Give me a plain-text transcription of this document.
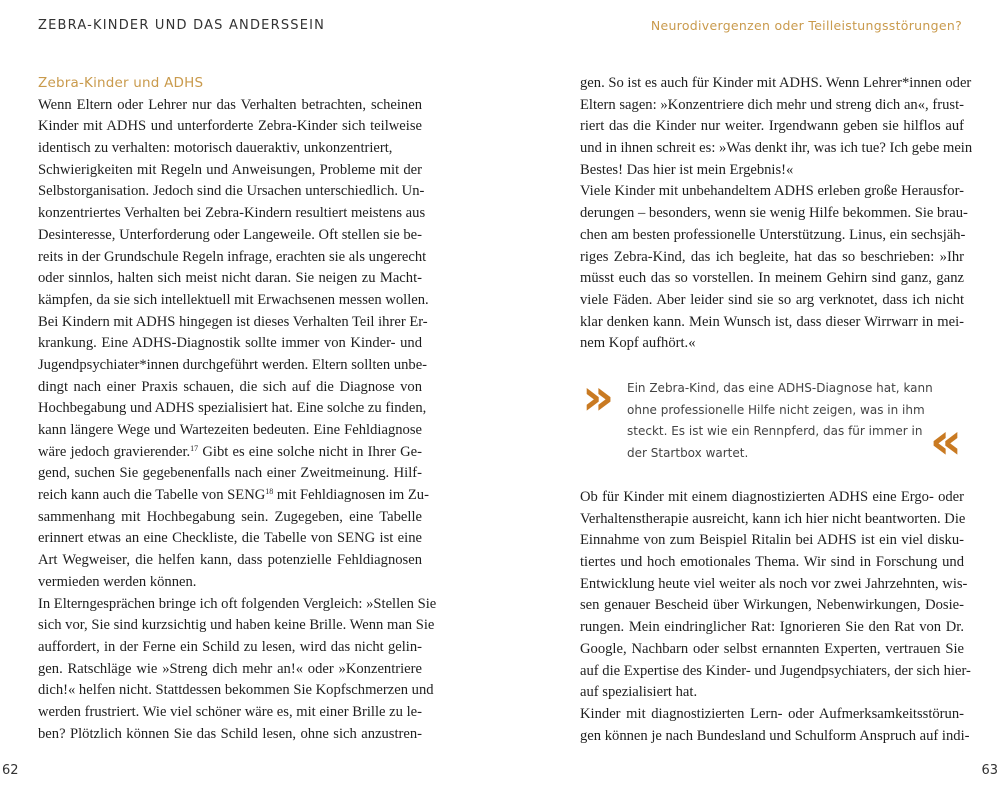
ZEBRA-KINDER UND DAS ANDERSSEIN	Neurodivergenzen oder Teilleistungsstörungen?
Zebra-Kinder und ADHS
Wenn Eltern oder Lehrer nur das Verhalten betrachten, scheinen
Kinder mit ADHS und unterforderte Zebra-Kinder sich teilweise
identisch zu verhalten: motorisch daueraktiv, unkonzentriert,
Schwierigkeiten mit Regeln und Anweisungen, Probleme mit der
Selbstorganisation. Jedoch sind die Ursachen unterschiedlich. Un-
konzentriertes Verhalten bei Zebra-Kindern resultiert meistens aus
Desinteresse, Unterforderung oder Langeweile. Oft stellen sie be-
reits in der Grundschule Regeln infrage, erachten sie als ungerecht
oder sinnlos, halten sich meist nicht daran. Sie neigen zu Macht-
kämpfen, da sie sich intellektuell mit Erwachsenen messen wollen.
Bei Kindern mit ADHS hingegen ist dieses Verhalten Teil ihrer Er-
krankung. Eine ADHS-Diagnostik sollte immer von Kinder- und
Jugendpsychiater*innen durchgeführt werden. Eltern sollten unbe-
dingt nach einer Praxis schauen, die sich auf die Diagnose von
Hochbegabung und ADHS spezialisiert hat. Eine solche zu finden,
kann längere Wege und Wartezeiten bedeuten. Eine Fehldiagnose
wäre jedoch gravierender.$^{17}$ Gibt es eine solche nicht in Ihrer Ge-
gend, suchen Sie gegebenenfalls nach einer Zweitmeinung. Hilf-
reich kann auch die Tabelle von SENG$^{18}$ mit Fehldiagnosen im Zu-
sammenhang mit Hochbegabung sein. Zugegeben, eine Tabelle
erinnert etwas an eine Checkliste, die Tabelle von SENG ist eine
Art Wegweiser, die helfen kann, dass potenzielle Fehldiagnosen
vermieden werden können.
In Elterngesprächen bringe ich oft folgenden Vergleich: »Stellen Sie
sich vor, Sie sind kurzsichtig und haben keine Brille. Wenn man Sie
auffordert, in der Ferne ein Schild zu lesen, wird das nicht gelin-
gen. Ratschläge wie »Streng dich mehr an!« oder »Konzentriere
dich!« helfen nicht. Stattdessen bekommen Sie Kopfschmerzen und
werden frustriert. Wie viel schöner wäre es, mit einer Brille zu le-
ben? Plötzlich können Sie das Schild lesen, ohne sich anzustren-
gen. So ist es auch für Kinder mit ADHS. Wenn Lehrer*innen oder
Eltern sagen: »Konzentriere dich mehr und streng dich an«, frust-
riert das die Kinder nur weiter. Irgendwann geben sie hilflos auf
und in ihnen schreit es: »Was denkt ihr, was ich tue? Ich gebe mein
Bestes! Das hier ist mein Ergebnis!«
Viele Kinder mit unbehandeltem ADHS erleben große Herausfor-
derungen – besonders, wenn sie wenig Hilfe bekommen. Sie brau-
chen am besten professionelle Unterstützung. Linus, ein sechsjäh-
riges Zebra-Kind, das ich begleite, hat das so beschrieben: »Ihr
müsst euch das so vorstellen. In meinem Gehirn sind ganz, ganz
viele Fäden. Aber leider sind sie so arg verknotet, dass ich nicht
klar denken kann. Mein Wunsch ist, dass dieser Wirrwarr in mei-
nem Kopf aufhört.«
» Ein Zebra-Kind, das eine ADHS-Diagnose hat, kann
ohne professionelle Hilfe nicht zeigen, was in ihm
steckt. Es ist wie ein Rennpferd, das für immer in
der Startbox wartet.	«
Ob für Kinder mit einem diagnostizierten ADHS eine Ergo- oder
Verhaltenstherapie ausreicht, kann ich hier nicht beantworten. Die
Einnahme von zum Beispiel Ritalin bei ADHS ist ein viel disku-
tiertes und hoch emotionales Thema. Wir sind in Forschung und
Entwicklung heute viel weiter als noch vor zwei Jahrzehnten, wis-
sen genauer Bescheid über Wirkungen, Nebenwirkungen, Dosie-
rungen. Mein eindringlicher Rat: Ignorieren Sie den Rat von Dr.
Google, Nachbarn oder selbst ernannten Experten, vertrauen Sie
auf die Expertise des Kinder- und Jugendpsychiaters, der sich hier-
auf spezialisiert hat.
Kinder mit diagnostizierten Lern- oder Aufmerksamkeitsstörun-
gen können je nach Bundesland und Schulform Anspruch auf indi-
62	63
